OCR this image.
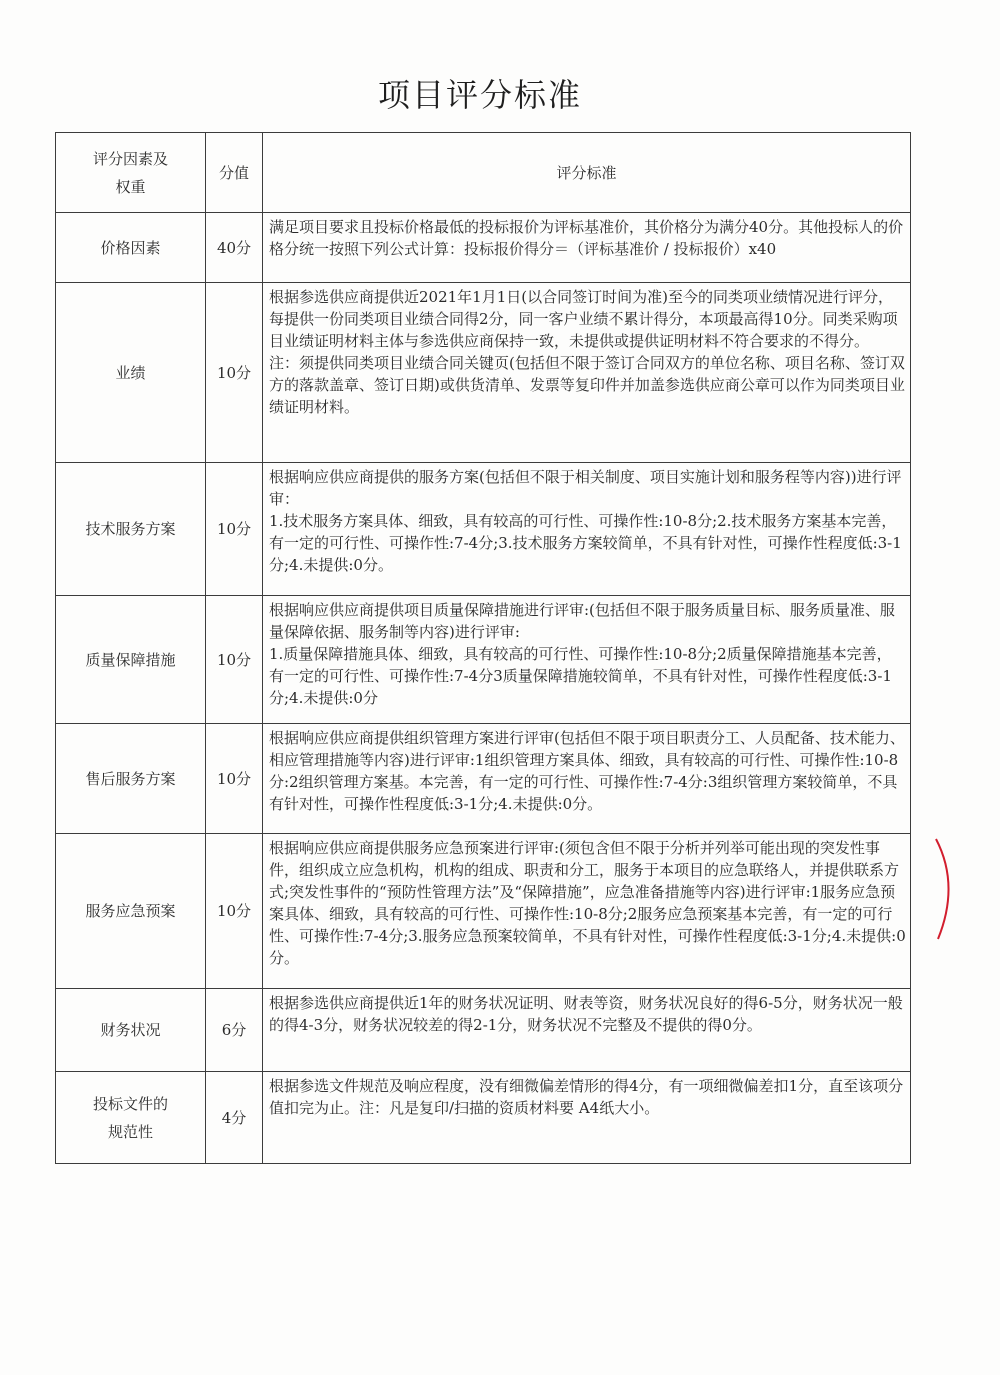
项目评分标准
评分因素及
权重	分值	评分标准
价格因素	40分	满足项目要求且投标价格最低的投标报价为评标基准价，其价格分为满分40分。其他投标人的价格分统一按照下列公式计算：投标报价得分＝（评标基准价 / 投标报价）x40

业绩	10分	根据参选供应商提供近2021年1月1日(以合同签订时间为准)至今的同类项业绩情况进行评分，每提供一份同类项目业绩合同得2分，同一客户业绩不累计得分，本项最高得10分。同类采购项目业绩证明材料主体与参选供应商保持一致，未提供或提供证明材料不符合要求的不得分。

注：须提供同类项目业绩合同关键页(包括但不限于签订合同双方的单位名称、项目名称、签订双方的落款盖章、签订日期)或供货清单、发票等复印件并加盖参选供应商公章可以作为同类项目业绩证明材料。

技术服务方案	10分	根据响应供应商提供的服务方案(包括但不限于相关制度、项目实施计划和服务程等内容))进行评审：

1.技术服务方案具体、细致，具有较高的可行性、可操作性:10-8分;2.技术服务方案基本完善，有一定的可行性、可操作性:7-4分;3.技术服务方案较简单，不具有针对性，可操作性程度低:3-1分;4.未提供:0分。

质量保障措施	10分	根据响应供应商提供项目质量保障措施进行评审:(包括但不限于服务质量目标、服务质量准、服量保障依据、服务制等内容)进行评审:

1.质量保障措施具体、细致，具有较高的可行性、可操作性:10-8分;2质量保障措施基本完善，有一定的可行性、可操作性:7-4分3质量保障措施较简单，不具有针对性，可操作性程度低:3-1分;4.未提供:0分

售后服务方案	10分	根据响应供应商提供组织管理方案进行评审(包括但不限于项目职责分工、人员配备、技术能力、相应管理措施等内容)进行评审:1组织管理方案具体、细致，具有较高的可行性、可操作性:10-8分:2组织管理方案基。本完善，有一定的可行性、可操作性:7-4分:3组织管理方案较简单，不具有针对性，可操作性程度低:3-1分;4.未提供:0分。

服务应急预案	10分	根据响应供应商提供服务应急预案进行评审:(须包含但不限于分析并列举可能出现的突发性事件，组织成立应急机构，机构的组成、职责和分工，服务于本项目的应急联络人，并提供联系方式;突发性事件的“预防性管理方法”及“保障措施”，应急准备措施等内容)进行评审:1服务应急预案具体、细致，具有较高的可行性、可操作性:10-8分;2服务应急预案基本完善，有一定的可行性、可操作性:7-4分;3.服务应急预案较简单，不具有针对性，可操作性程度低:3-1分;4.未提供:0分。

财务状况	6分	根据参选供应商提供近1年的财务状况证明、财表等资，财务状况良好的得6-5分，财务状况一般的得4-3分，财务状况较差的得2-1分，财务状况不完整及不提供的得0分。

投标文件的
规范性	4分	根据参选文件规范及响应程度，没有细微偏差情形的得4分，有一项细微偏差扣1分，直至该项分值扣完为止。注：凡是复印/扫描的资质材料要 A4纸大小。
